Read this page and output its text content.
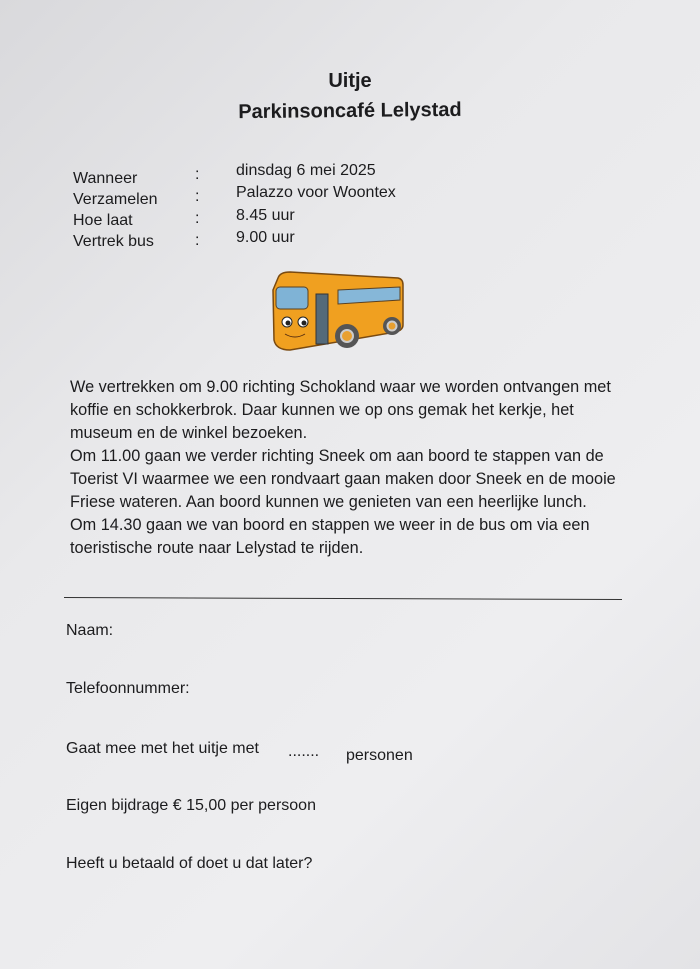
Uitje
Parkinsoncafé Lelystad
Wanneer	: dinsdag 6 mei 2025
Verzamelen : Palazzo voor Woontex
Hoe laat	: 8.45 uur
Vertrek bus	: 9.00 uur

We vertrekken om 9.00 richting Schokland waar we worden ontvangen met koffie en schokkerbrok. Daar kunnen we op ons gemak het kerkje, het museum en de winkel bezoeken.

Om 11.00 gaan we verder richting Sneek om aan boord te stappen van de Toerist VI waarmee we een rondvaart gaan maken door Sneek en de mooie Friese wateren. Aan boord kunnen we genieten van een heerlijke lunch.

Om 14.30 gaan we van boord en stappen we weer in de bus om via een toeristische route naar Lelystad te rijden.

Naam:
Telefoonnummer:
Gaat mee met het uitje met ....... personen
Eigen bijdrage € 15,00 per persoon
Heeft u betaald of doet u dat later?
